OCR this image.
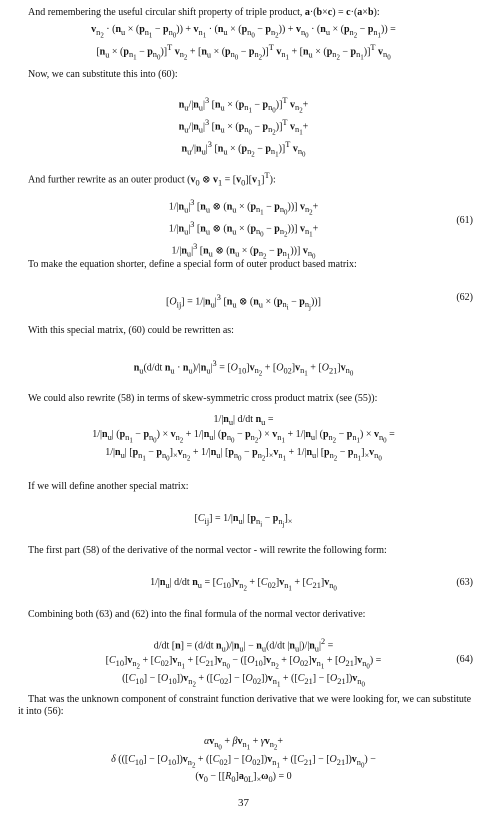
And remembering the useful circular shift property of triple product, a·(b×c) = c·(a×b):
$v_{n_2} \cdot (n_u \times (p_{n_1} - p_{n_0})) + v_{n_1} \cdot (n_u \times (p_{n_0} - p_{n_2})) + v_{n_0} \cdot (n_u \times (p_{n_2} - p_{n_1}))$ =
$[n_u \times (p_{n_1} - p_{n_0})]^T$ $v_{n_2} + [n_u \times (p_{n_0} - p_{n_2})]^T$ $v_{n_1} + [n_u \times (p_{n_2} - p_{n_1})]^T$ $v_{n_0}$
Now, we can substitute this into (60):
$n_u/|n_u|^3$ $[n_u \times (p_{n_1} - p_{n_0})]^T$ $v_{n_2}+$
$n_u/|n_u|^3$ $[n_u \times (p_{n_0} - p_{n_2})]^T$ $v_{n_1}+$
$n_u/|n_u|^3$ $[n_u \times (p_{n_2} - p_{n_1})]^T$ $v_{n_0}$
And further rewrite as an outer product ($v_0$ ⊗ $v_1 = [v_0][v_1]^T$):
$1/|n_u|^3$ [$n_u$ ⊗ $(n_u \times (p_{n_1} - p_{n_0}))$] $v_{n_2}+$
$1/|n_u|^3$ [$n_u$ ⊗ $(n_u \times (p_{n_0} - p_{n_2}))$] $v_{n_1}+$
$1/|n_u|^3$ [$n_u$ ⊗ $(n_u \times (p_{n_2} - p_{n_1}))$] $v_{n_0}$
(61)
To make the equation shorter, define a special form of outer product based matrix:
$[O_{ij}] = 1/|n_u|^3$ [$n_u$ ⊗ $(n_u \times (p_{n_i} - p_{n_j}))$]	(62)
With this special matrix, (60) could be rewritten as:
$n_u(d/dt$ $n_u \cdot n_u)/|n_u|^3 = [O_{10}]v_{n_2} + [O_{02}]v_{n_1} + [O_{21}]v_{n_0}$
We could also rewrite (58) in terms of skew-symmetric cross product matrix (see (55)):
$1/|n_u|$ d/dt $n_u$ =
$1/|n_u|$ $(p_{n_1} - p_{n_0}) \times v_{n_2} + 1/|n_u|$ $(p_{n_0} - p_{n_2}) \times v_{n_1} + 1/|n_u|$ $(p_{n_2} - p_{n_1}) \times v_{n_0}$ =
$1/|n_u|$ $[p_{n_1} - p_{n_0}]_\times v_{n_2} + 1/|n_u|$ $[p_{n_0} - p_{n_2}]_\times v_{n_1} + 1/|n_u|$ $[p_{n_2} - p_{n_1}]_\times v_{n_0}$
If we will define another special matrix:
$[C_{ij}] = 1/|n_u|$ $[p_{n_i} - p_{n_j}]_\times$
The first part (58) of the derivative of the normal vector - will rewrite the following form:
$1/|n_u|$ d/dt $n_u = [C_{10}]v_{n_2} + [C_{02}]v_{n_1} + [C_{21}]v_{n_0}$
(63)
Combining both (63) and (62) into the final formula of the normal vector derivative:
d/dt [n] = (d/dt $n_u)/|n_u| - n_u(d/dt$ $|n_u|)/|n_u|^2$ =
$[C_{10}]v_{n_2} + [C_{02}]v_{n_1} + [C_{21}]v_{n_0} - ([O_{10}]v_{n_2} + [O_{02}]v_{n_1} + [O_{21}]v_{n_0})$ =
$([C_{10}] - [O_{10}])v_{n_2} + ([C_{02}] - [O_{02}])v_{n_1} + ([C_{21}] - [O_{21}])v_{n_0}$
(64)
That was the unknown component of constraint function derivative that we were looking for, we can substitute it into (56):
$\alpha v_{n_0} + \beta v_{n_1} + \gamma v_{n_2}+$
δ $(([C_{10}] - [O_{10}])v_{n_2} + ([C_{02}] - [O_{02}])v_{n_1} + ([C_{21}] - [O_{21}])v_{n_0})$ −
$(v_0 - [[R_0]a_{0L}]_\times\omega_0) = 0$
37
